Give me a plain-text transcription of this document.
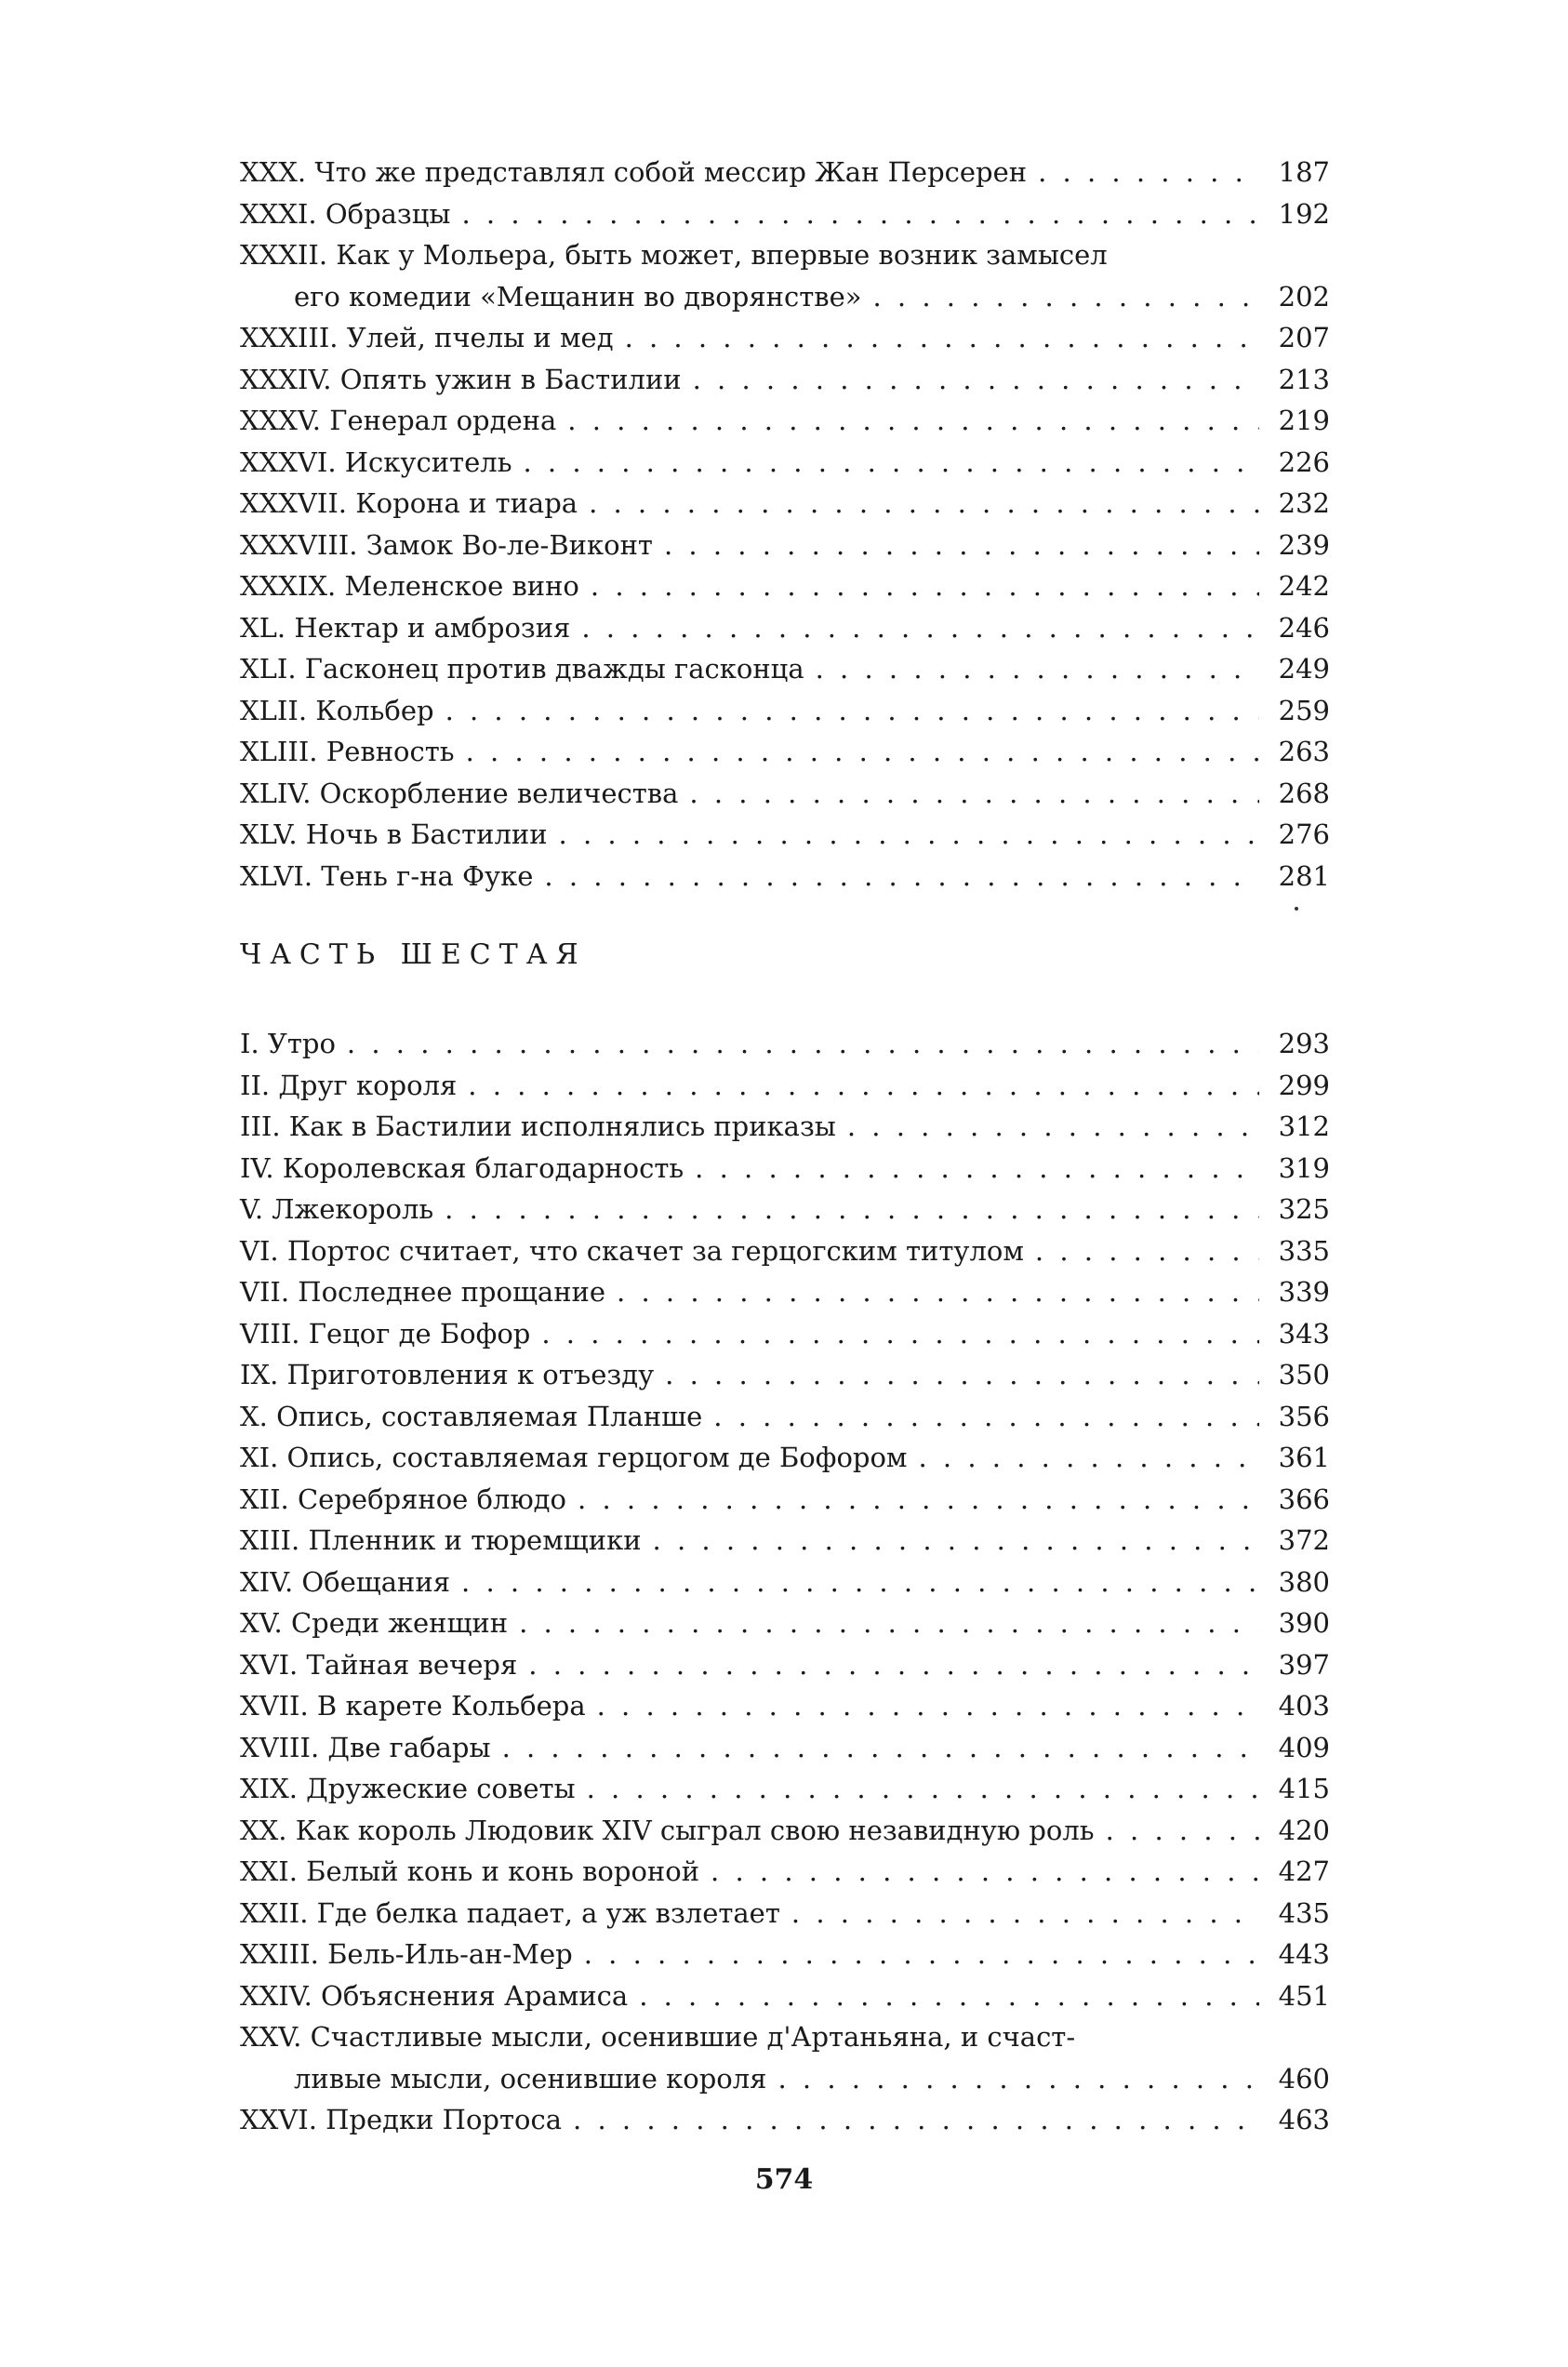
XXX. Что же представлял собой мессир Жан Персерен . . .	187
XXXI. Образцы . . .	192
XXXII. Как у Мольера, быть может, впервые возник замысел
его комедии «Мещанин во дворянстве» . . .	202
XXXIII. Улей, пчелы и мед . . .	207
XXXIV. Опять ужин в Бастилии . . .	213
XXXV. Генерал ордена . . .	219
XXXVI. Искуситель . . .	226
XXXVII. Корона и тиара . . .	232
XXXVIII. Замок Во-ле-Виконт . . .	239
XXXIX. Меленское вино . . .	242
XL. Нектар и амброзия . . .	246
XLI. Гасконец против дважды гасконца . . .	249
XLII. Кольбер . . .	259
XLIII. Ревность . . .	263
XLIV. Оскорбление величества . . .	268
XLV. Ночь в Бастилии . . .	276
XLVI. Тень г-на Фуке . . .	281
ЧАСТЬ ШЕСТАЯ
I. Утро . . .	293
II. Друг короля . . .	299
III. Как в Бастилии исполнялись приказы . . .	312
IV. Королевская благодарность . . .	319
V. Лжекороль . . .	325
VI. Портос считает, что скачет за герцогским титулом . . .	335
VII. Последнее прощание . . .	339
VIII. Гецог де Бофор . . .	343
IX. Приготовления к отъезду . . .	350
X. Опись, составляемая Планше . . .	356
XI. Опись, составляемая герцогом де Бофором . . .	361
XII. Серебряное блюдо . . .	366
XIII. Пленник и тюремщики . . .	372
XIV. Обещания . . .	380
XV. Среди женщин . . .	390
XVI. Тайная вечеря . . .	397
XVII. В карете Кольбера . . .	403
XVIII. Две габары . . .	409
XIX. Дружеские советы . . .	415
XX. Как король Людовик XIV сыграл свою незавидную роль . . .	420
XXI. Белый конь и конь вороной . . .	427
XXII. Где белка падает, а уж взлетает . . .	435
XXIII. Бель-Иль-ан-Мер . . .	443
XXIV. Объяснения Арамиса . . .	451
XXV. Счастливые мысли, осенившие д'Артаньяна, и счаст-
ливые мысли, осенившие короля . . .	460
XXVI. Предки Портоса . . .	463
574
